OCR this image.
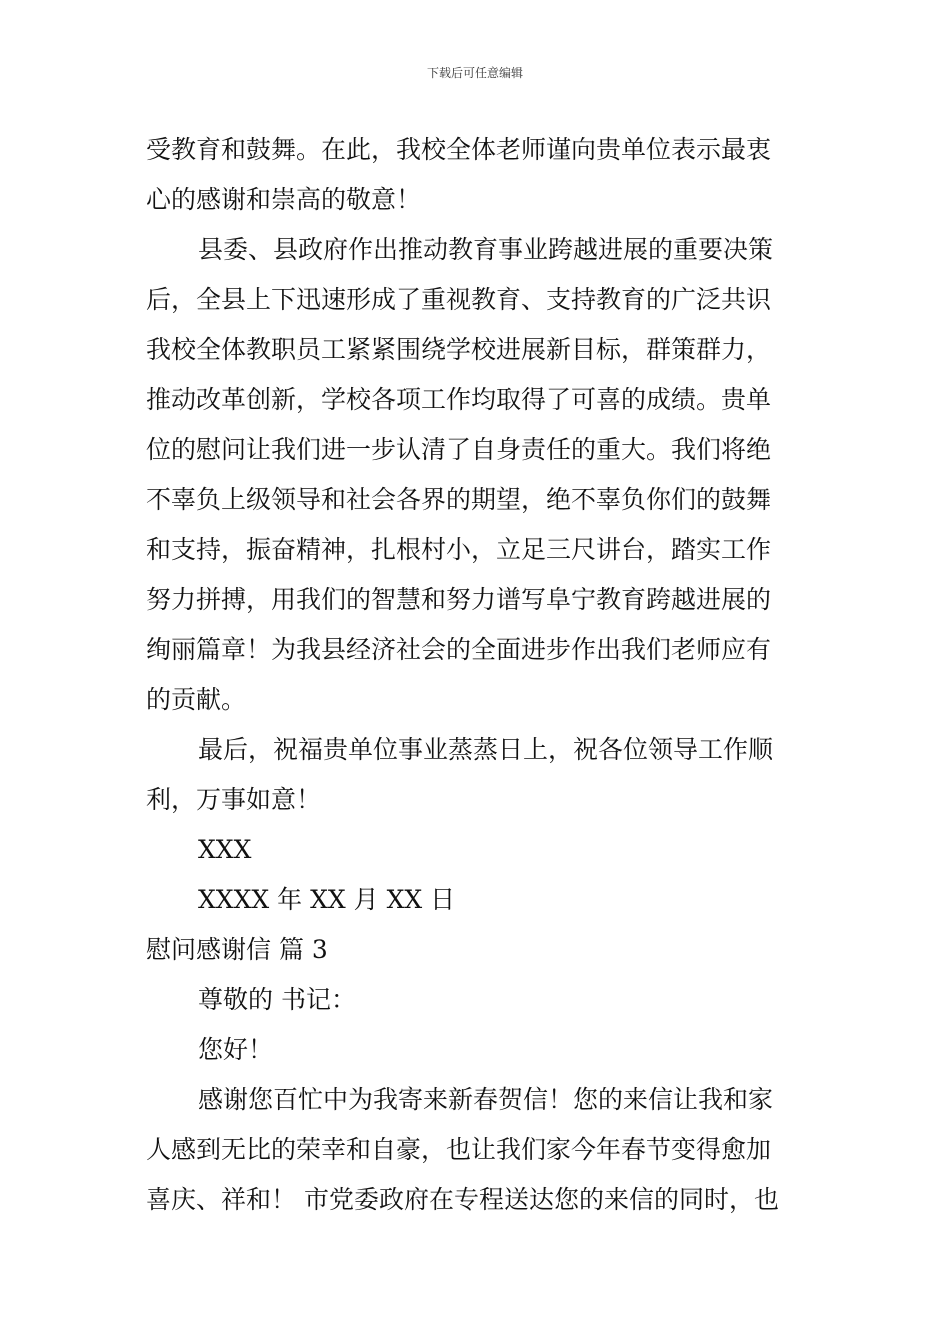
下载后可任意编辑
受教育和鼓舞。在此，我校全体老师谨向贵单位表示最衷
心的感谢和崇高的敬意！
县委、县政府作出推动教育事业跨越进展的重要决策
后，全县上下迅速形成了重视教育、支持教育的广泛共识
我校全体教职员工紧紧围绕学校进展新目标，群策群力，
推动改革创新，学校各项工作均取得了可喜的成绩。贵单
位的慰问让我们进一步认清了自身责任的重大。我们将绝
不辜负上级领导和社会各界的期望，绝不辜负你们的鼓舞
和支持，振奋精神，扎根村小，立足三尺讲台，踏实工作
努力拼搏，用我们的智慧和努力谱写阜宁教育跨越进展的
绚丽篇章！为我县经济社会的全面进步作出我们老师应有
的贡献。
最后，祝福贵单位事业蒸蒸日上，祝各位领导工作顺
利，万事如意！
XXX
XXXX 年 XX 月 XX 日
慰问感谢信 篇 3
尊敬的 书记：
您好！
感谢您百忙中为我寄来新春贺信！您的来信让我和家
人感到无比的荣幸和自豪，也让我们家今年春节变得愈加
喜庆、祥和！ 市党委政府在专程送达您的来信的同时，也
